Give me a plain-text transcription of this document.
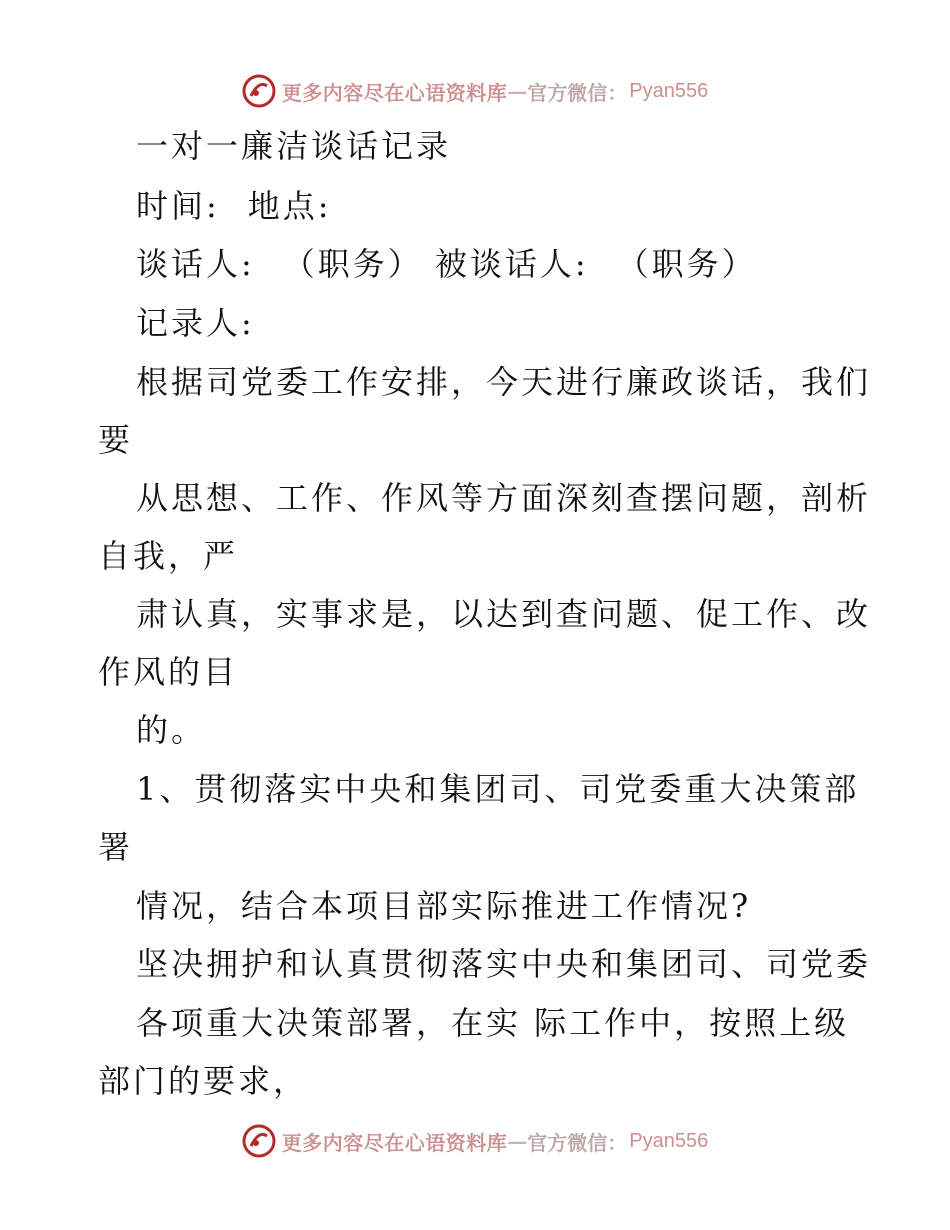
更多内容尽在心语资料库 — 官方微信： Pyan556
一对一廉洁谈话记录
时间: 地点:
谈话人: （职务） 被谈话人: （职务）
记录人:
根据司党委工作安排，今天进行廉政谈话，我们
要
从思想、工作、作风等方面深刻查摆问题，剖析
自我，严
肃认真，实事求是，以达到查问题、促工作、改
作风的目
的。
1、贯彻落实中央和集团司、司党委重大决策部
署
情况，结合本项目部实际推进工作情况?
坚决拥护和认真贯彻落实中央和集团司、司党委
各项重大决策部署，在实 际工作中，按照上级
部门的要求，
更多内容尽在心语资料库 — 官方微信： Pyan556
